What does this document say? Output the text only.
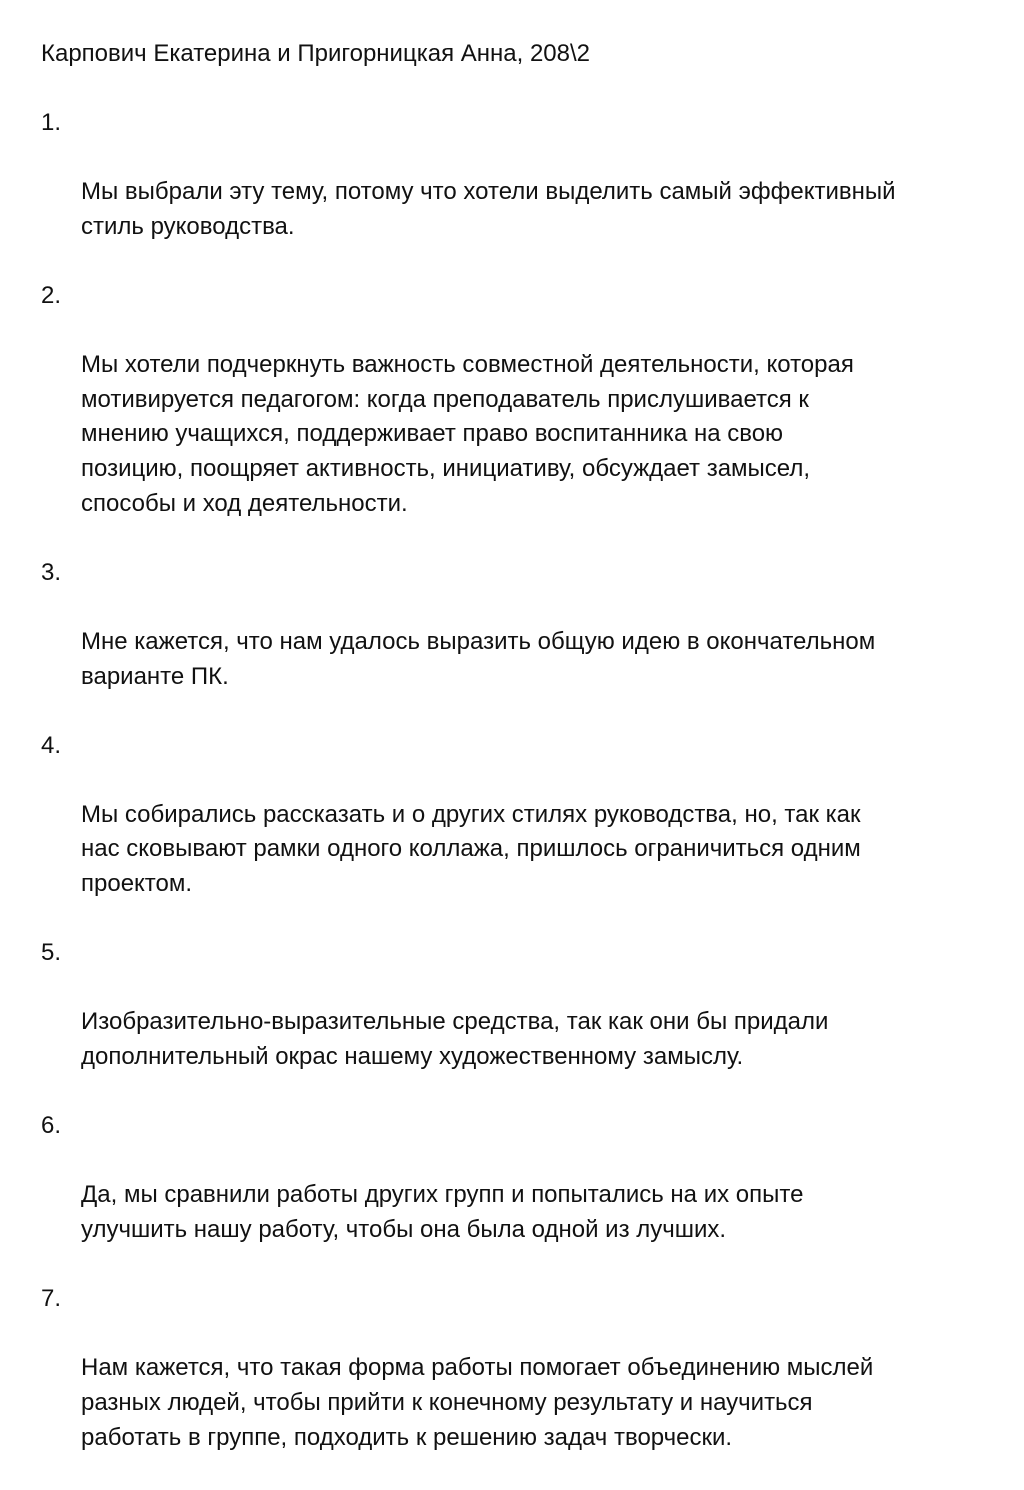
Карпович Екатерина и Пригорницкая Анна, 208\2

1.

Мы выбрали эту тему, потому что хотели выделить самый эффективный
стиль руководства.

2.

Мы хотели подчеркнуть важность совместной деятельности, которая
мотивируется педагогом: когда преподаватель прислушивается к
мнению учащихся, поддерживает право воспитанника на свою
позицию, поощряет активность, инициативу, обсуждает замысел,
способы и ход деятельности.

3.

Мне кажется, что нам удалось выразить общую идею в окончательном
варианте ПК.

4.

Мы собирались рассказать и о других стилях руководства, но, так как
нас сковывают рамки одного коллажа, пришлось ограничиться одним
проектом.

5.

Изобразительно-выразительные средства, так как они бы придали
дополнительный окрас нашему художественному замыслу.

6.

Да, мы сравнили работы других групп и попытались на их опыте
улучшить нашу работу, чтобы она была одной из лучших.

7.

Нам кажется, что такая форма работы помогает объединению мыслей
разных людей, чтобы прийти к конечному результату и научиться
работать в группе, подходить к решению задач творчески.
